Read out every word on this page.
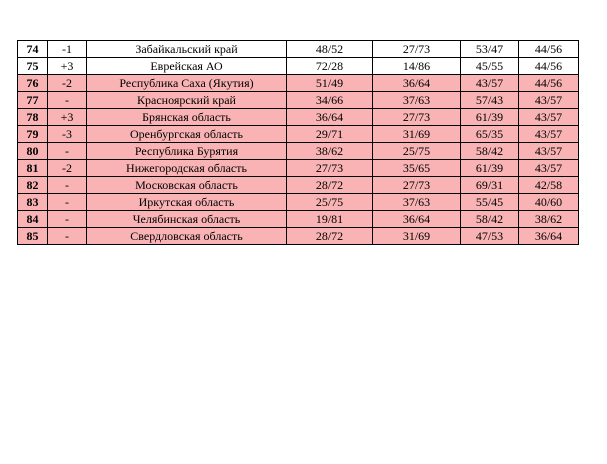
74	-1	Забайкальский край	48/52	27/73	53/47	44/56
75	+3	Еврейская АО	72/28	14/86	45/55	44/56
76	-2	Республика Саха (Якутия)	51/49	36/64	43/57	44/56
77	-	Красноярский край	34/66	37/63	57/43	43/57
78	+3	Брянская область	36/64	27/73	61/39	43/57
79	-3	Оренбургская область	29/71	31/69	65/35	43/57
80	-	Республика Бурятия	38/62	25/75	58/42	43/57
81	-2	Нижегородская область	27/73	35/65	61/39	43/57
82	-	Московская область	28/72	27/73	69/31	42/58
83	-	Иркутская область	25/75	37/63	55/45	40/60
84	-	Челябинская область	19/81	36/64	58/42	38/62
85	-	Свердловская область	28/72	31/69	47/53	36/64
